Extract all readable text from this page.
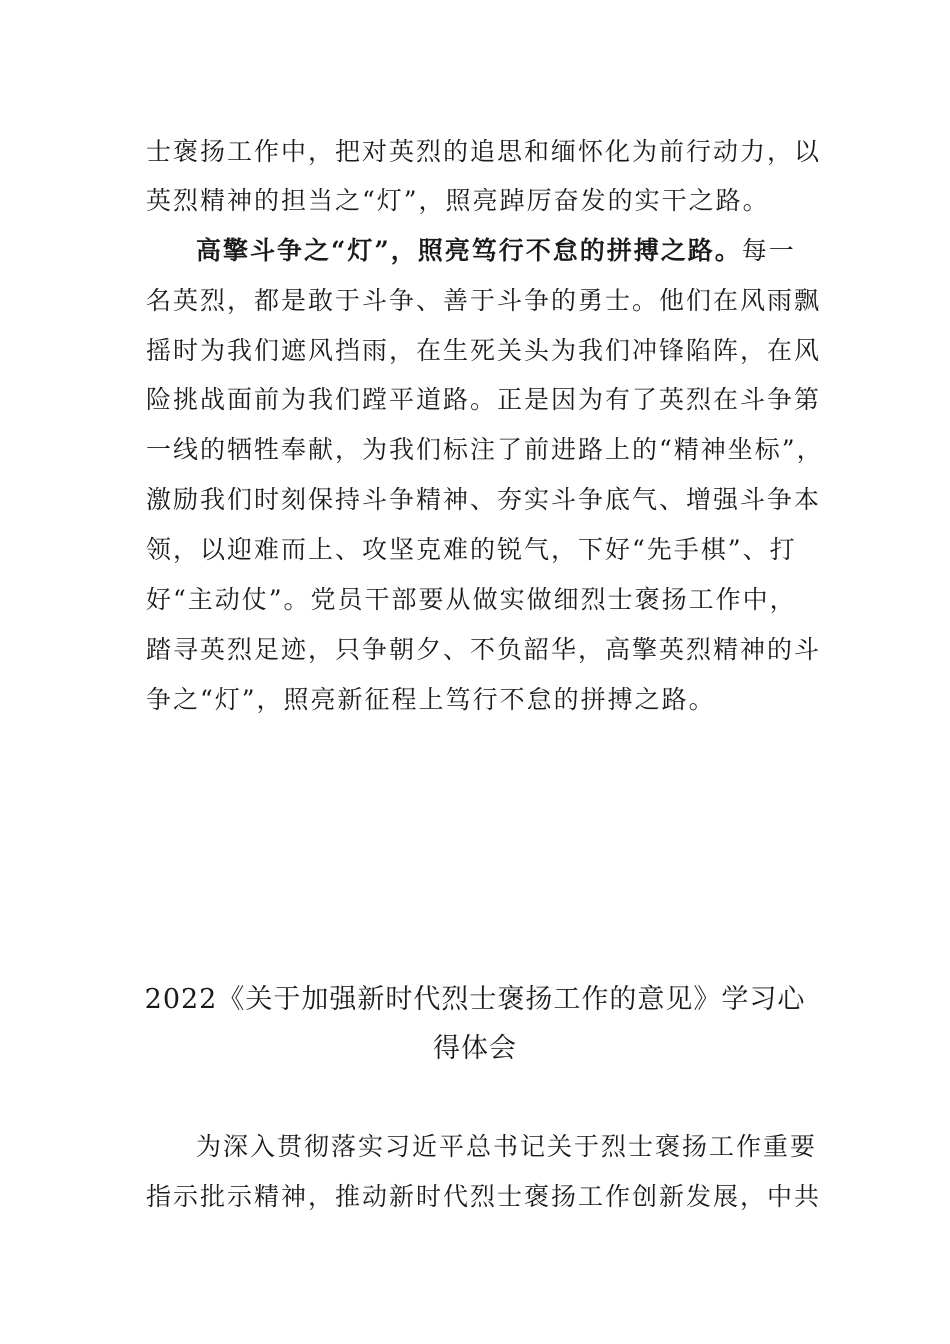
士褒扬工作中，把对英烈的追思和缅怀化为前行动力，以
英烈精神的担当之“灯”，照亮踔厉奋发的实干之路。
高擎斗争之“灯”，照亮笃行不怠的拼搏之路。每一
名英烈，都是敢于斗争、善于斗争的勇士。他们在风雨飘
摇时为我们遮风挡雨，在生死关头为我们冲锋陷阵，在风
险挑战面前为我们蹚平道路。正是因为有了英烈在斗争第
一线的牺牲奉献，为我们标注了前进路上的“精神坐标”，
激励我们时刻保持斗争精神、夯实斗争底气、增强斗争本
领，以迎难而上、攻坚克难的锐气，下好“先手棋”、打
好“主动仗”。党员干部要从做实做细烈士褒扬工作中，
踏寻英烈足迹，只争朝夕、不负韶华，高擎英烈精神的斗
争之“灯”，照亮新征程上笃行不怠的拼搏之路。
2022《关于加强新时代烈士褒扬工作的意见》学习心
得体会
为深入贯彻落实习近平总书记关于烈士褒扬工作重要
指示批示精神，推动新时代烈士褒扬工作创新发展，中共
